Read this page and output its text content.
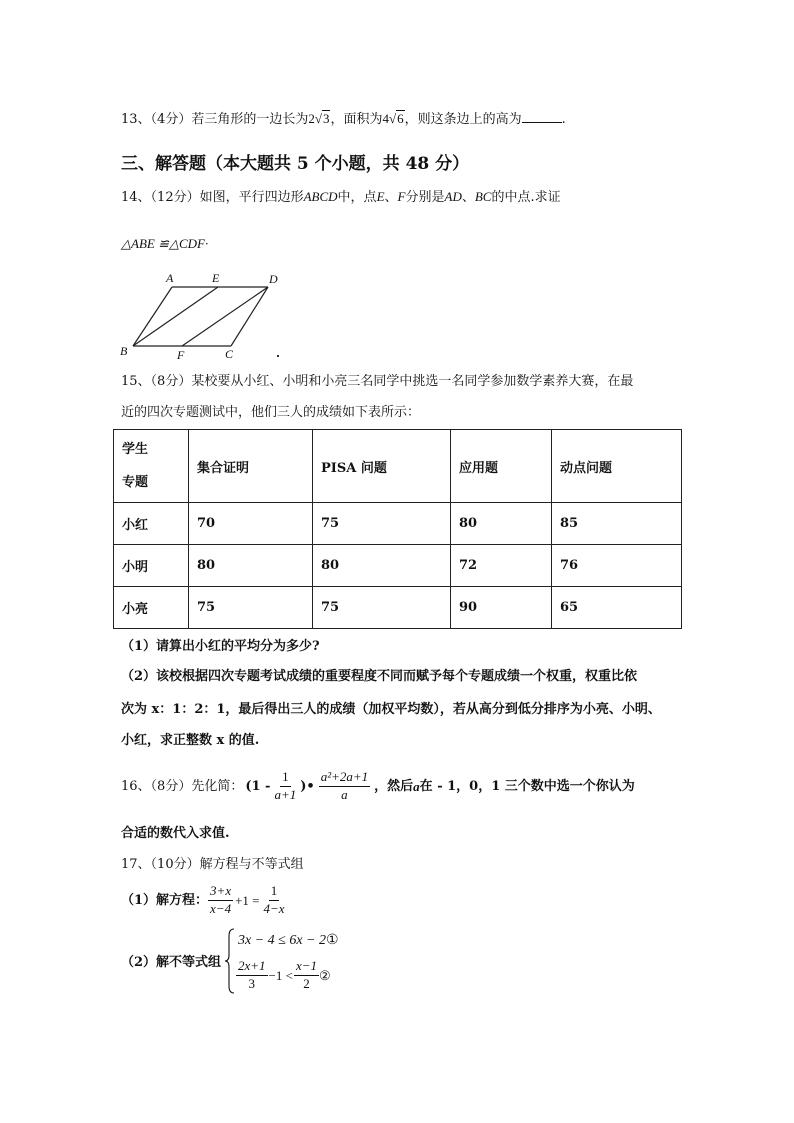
13、（4分）若三角形的一边长为2√3，面积为4√6，则这条边上的高为	.
三、解答题（本大题共 5 个小题，共 48 分）
14、（12分）如图，平行四边形ABCD中，点E、F分别是AD、BC的中点.求证
△ABE ≌△CDF·
A	E	D
B	F	C
15、（8分）某校要从小红、小明和小亮三名同学中挑选一名同学参加数学素养大赛，在最
近的四次专题测试中，他们三人的成绩如下表所示：
学生
专题	集合证明	PISA 问题	应用题	动点问题
小红	70	75	80	85
小明	80	80	72	76
小亮	75	75	90	65
（1）请算出小红的平均分为多少?
（2）该校根据四次专题考试成绩的重要程度不同而赋予每个专题成绩一个权重，权重比依
次为 x：1：2：1，最后得出三人的成绩（加权平均数），若从高分到低分排序为小亮、小明、
小红，求正整数 x 的值.
16、（8分）先化简： ($1 - \frac{1}{a+1}$ )• $\frac{\text{a²+2a+1}}{a}$ ，然后 a 在 - 1，0，1 三个数中选一个你认为
合适的数代入求值.
17、（10分）解方程与不等式组
（1）解方程： $\frac{3+x}{x-4} +1 = \frac{1}{4-x}$
（2）解不等式组
3x − 4 ≤ 6x − 2①
$\frac{2x+1}{3} -1 < \frac{x-1}{2}$ ②
